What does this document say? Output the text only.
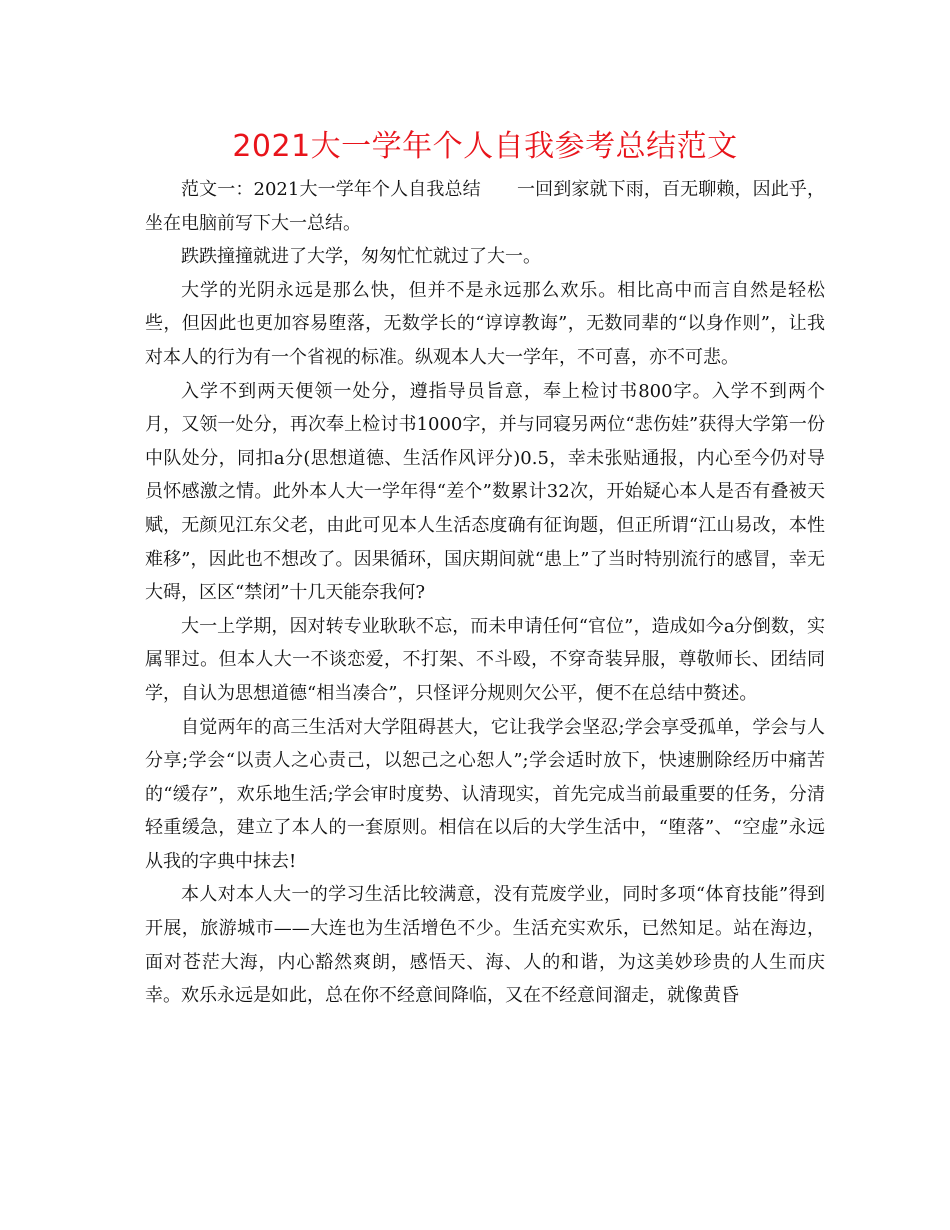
2021大一学年个人自我参考总结范文

范文一：2021大一学年个人自我总结　　一回到家就下雨，百无聊赖，因此乎，坐在电脑前写下大一总结。

跌跌撞撞就进了大学，匆匆忙忙就过了大一。

大学的光阴永远是那么快，但并不是永远那么欢乐。相比高中而言自然是轻松些，但因此也更加容易堕落，无数学长的“谆谆教诲”，无数同辈的“以身作则”，让我对本人的行为有一个省视的标准。纵观本人大一学年，不可喜，亦不可悲。

入学不到两天便领一处分，遵指导员旨意，奉上检讨书800字。入学不到两个月，又领一处分，再次奉上检讨书1000字，并与同寝另两位“悲伤娃”获得大学第一份中队处分，同扣a分(思想道德、生活作风评分)0.5，幸未张贴通报，内心至今仍对导员怀感激之情。此外本人大一学年得“差个”数累计32次，开始疑心本人是否有叠被天赋，无颜见江东父老，由此可见本人生活态度确有征询题，但正所谓“江山易改，本性难移”，因此也不想改了。因果循环，国庆期间就“患上”了当时特别流行的感冒，幸无大碍，区区“禁闭”十几天能奈我何?

大一上学期，因对转专业耿耿不忘，而未申请任何“官位”，造成如今a分倒数，实属罪过。但本人大一不谈恋爱，不打架、不斗殴，不穿奇装异服，尊敬师长、团结同学，自认为思想道德“相当凑合”，只怪评分规则欠公平，便不在总结中赘述。

自觉两年的高三生活对大学阻碍甚大，它让我学会坚忍;学会享受孤单，学会与人分享;学会“以责人之心责己，以恕己之心恕人”;学会适时放下，快速删除经历中痛苦的“缓存”，欢乐地生活;学会审时度势、认清现实，首先完成当前最重要的任务，分清轻重缓急，建立了本人的一套原则。相信在以后的大学生活中，“堕落”、“空虚”永远从我的字典中抹去!

本人对本人大一的学习生活比较满意，没有荒废学业，同时多项“体育技能”得到开展，旅游城市——大连也为生活增色不少。生活充实欢乐，已然知足。站在海边，面对苍茫大海，内心豁然爽朗，感悟天、海、人的和谐，为这美妙珍贵的人生而庆幸。欢乐永远是如此，总在你不经意间降临，又在不经意间溜走，就像黄昏
